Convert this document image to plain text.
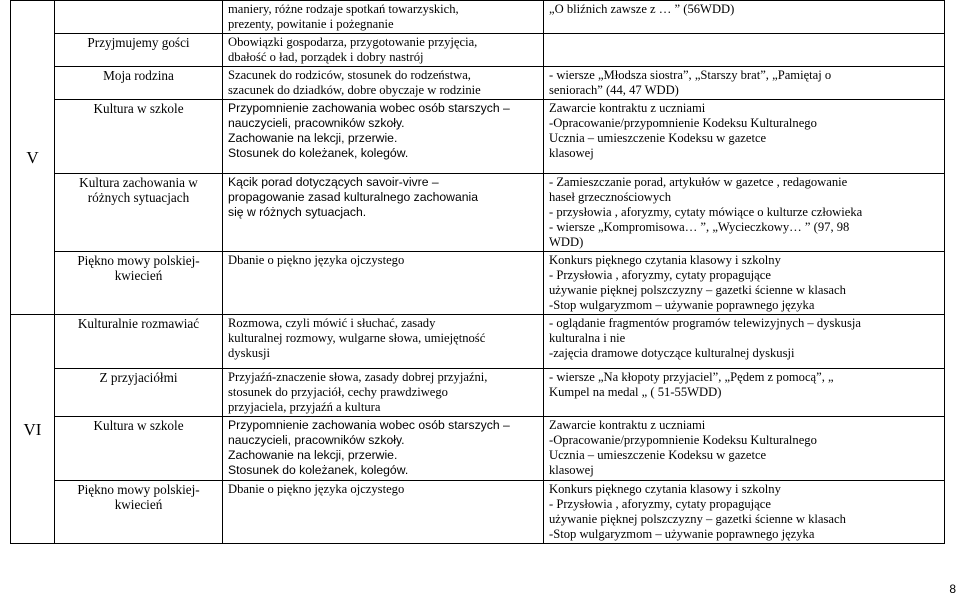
V		maniery, różne rodzaje spotkań towarzyskich,
prezenty, powitanie i pożegnanie	„O bliźnich zawsze z … ” (56WDD)

	Przyjmujemy gości	Obowiązki gospodarza, przygotowanie przyjęcia,
dbałość o ład, porządek i dobry nastrój	

	Moja rodzina	Szacunek do rodziców, stosunek do rodzeństwa,
szacunek do dziadków, dobre obyczaje w rodzinie	- wiersze „Młodsza siostra”, „Starszy brat”, „Pamiętaj o
seniorach” (44, 47 WDD)

	Kultura w szkole	Przypomnienie zachowania wobec osób starszych –
nauczycieli, pracowników szkoły.
Zachowanie na lekcji, przerwie.
Stosunek do koleżanek, kolegów.	Zawarcie kontraktu z uczniami
-Opracowanie/przypomnienie Kodeksu Kulturalnego
Ucznia – umieszczenie Kodeksu w gazetce
klasowej

	Kultura zachowania w różnych sytuacjach	Kącik porad dotyczących savoir-vivre –
propagowanie zasad kulturalnego zachowania
się w różnych sytuacjach.	- Zamieszczanie porad, artykułów w gazetce , redagowanie
haseł grzecznościowych
- przysłowia , aforyzmy, cytaty mówiące o kulturze człowieka
- wiersze „Kompromisowa… ”, „Wycieczkowy… ” (97, 98
WDD)

	Piękno mowy polskiej- kwiecień	Dbanie o piękno języka ojczystego	Konkurs pięknego czytania klasowy i szkolny
- Przysłowia , aforyzmy, cytaty propagujące
używanie pięknej polszczyzny – gazetki ścienne w klasach
-Stop wulgaryzmom – używanie poprawnego języka

VI	Kulturalnie rozmawiać	Rozmowa, czyli mówić i słuchać, zasady
kulturalnej rozmowy, wulgarne słowa, umiejętność
dyskusji	- oglądanie fragmentów programów telewizyjnych – dyskusja
kulturalna i nie
-zajęcia dramowe dotyczące kulturalnej dyskusji

	Z przyjaciółmi	Przyjaźń-znaczenie słowa, zasady dobrej przyjaźni,
stosunek do przyjaciół, cechy prawdziwego
przyjaciela, przyjaźń a kultura	- wiersze „Na kłopoty przyjaciel”, „Pędem z pomocą”, „
Kumpel na medal „ ( 51-55WDD)

	Kultura w szkole	Przypomnienie zachowania wobec osób starszych –
nauczycieli, pracowników szkoły.
Zachowanie na lekcji, przerwie.
Stosunek do koleżanek, kolegów.	Zawarcie kontraktu z uczniami
-Opracowanie/przypomnienie Kodeksu Kulturalnego
Ucznia – umieszczenie Kodeksu w gazetce
klasowej

	Piękno mowy polskiej- kwiecień	Dbanie o piękno języka ojczystego	Konkurs pięknego czytania klasowy i szkolny
- Przysłowia , aforyzmy, cytaty propagujące
używanie pięknej polszczyzny – gazetki ścienne w klasach
-Stop wulgaryzmom – używanie poprawnego języka
8
